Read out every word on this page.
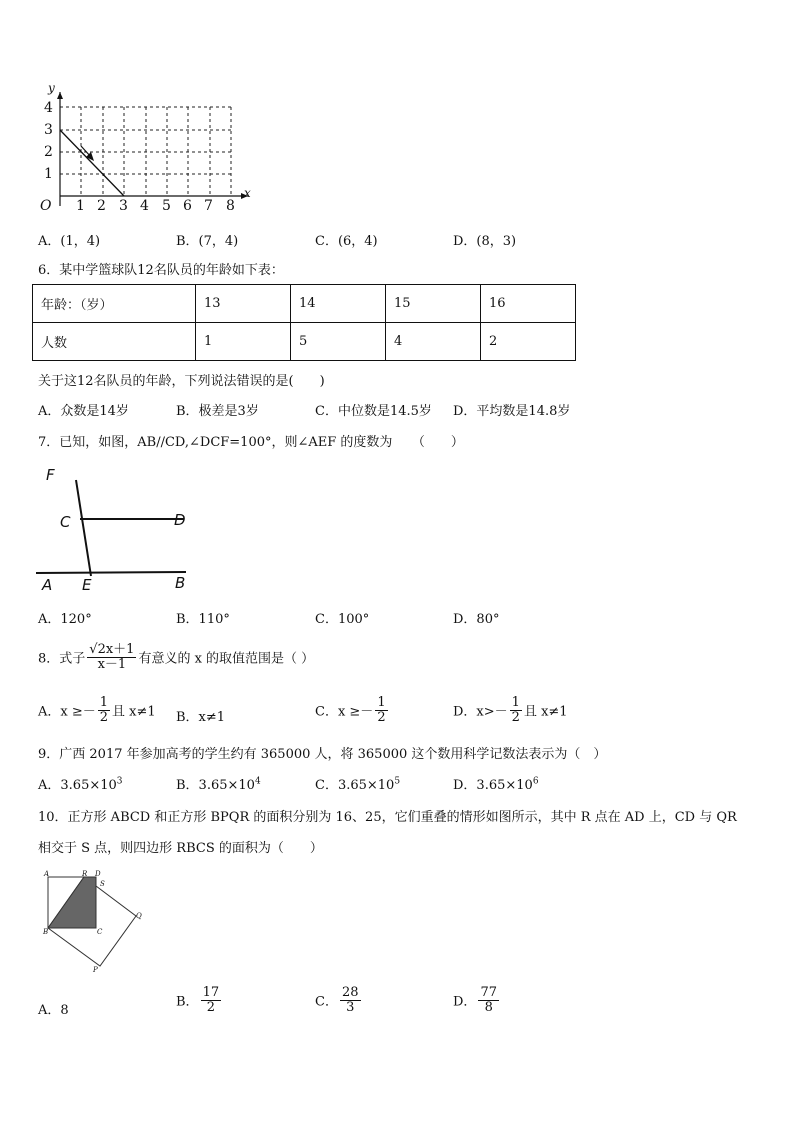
y
x
O
4
3
2
1
1 2 3 4 5 6 7 8
A．(1，4)	B．(7，4)	C．(6，4)	D．(8，3)
6．某中学篮球队12名队员的年龄如下表：
年龄：（岁）	13	14	15	16
人数	1	5	4	2
关于这12名队员的年龄，下列说法错误的是(　　)
A．众数是14岁	B．极差是3岁	C．中位数是14.5岁 D．平均数是14.8岁
7．已知，如图，AB//CD,∠DCF=100°，则∠AEF 的度数为　　（　　）
F
C	D
A E	B
A．120°	B．110°	C．100°	D．80°
8．式子 $\frac{√2x+1}{x-1}$ 有意义的 x 的取值范围是（ ）
A．$x \ge- \frac{1}{2}$ 且 x≠1 B．x≠1	C．$x \ge- \frac{1}{2}$	D．$x>- \frac{1}{2}$ 且 x≠1
9．广西 2017 年参加高考的学生约有 365000 人，将 365000 这个数用科学记数法表示为（　）
A．$3.65\times 10^3$	B．$3.65\times 10^4$	C．$3.65\times 10^5$	D．$3.65\times 10^6$
10．正方形 ABCD 和正方形 BPQR 的面积分别为 16、25，它们重叠的情形如图所示，其中 R 点在 AD 上，CD 与 QR
相交于 S 点，则四边形 RBCS 的面积为（　　）
A	R D
S
Q
B	C
P
A．8
B． $\frac{17}{2}$	C． $\frac{28}{3}$	D． $\frac{77}{8}$
